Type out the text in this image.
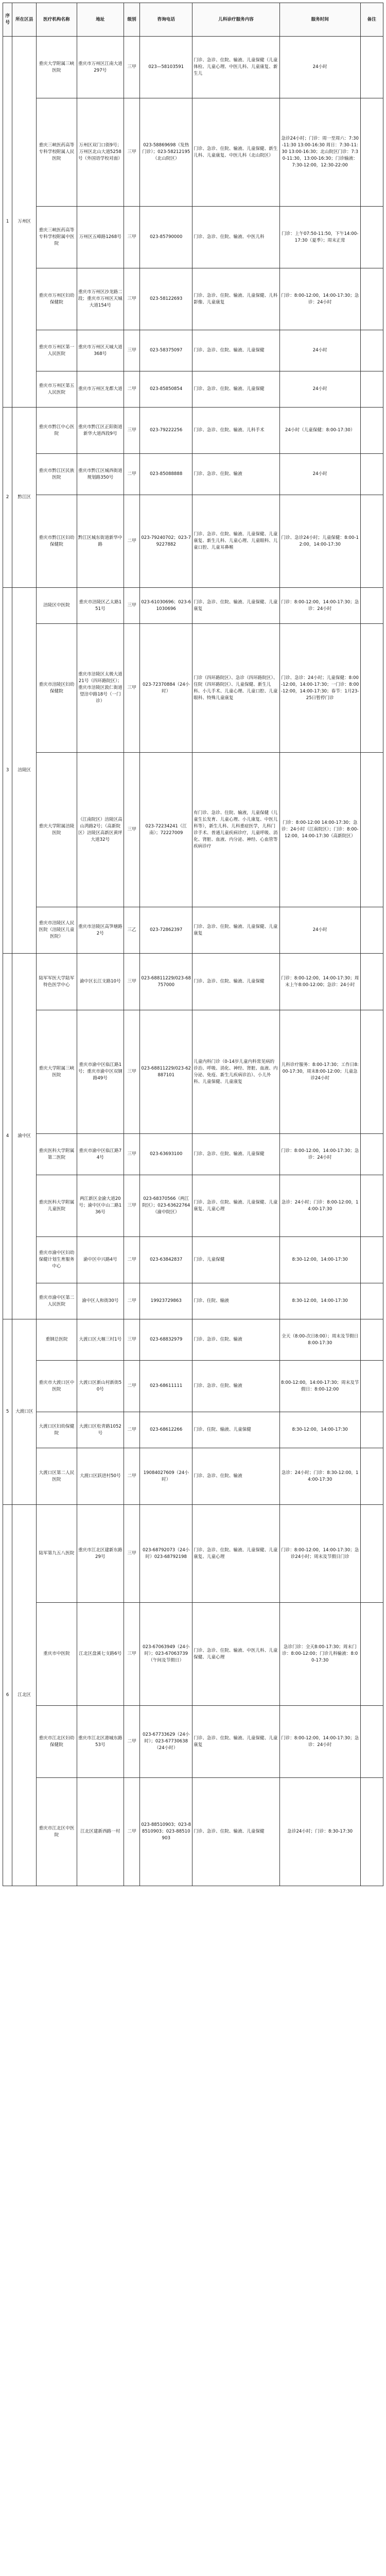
序号	所在区县	医疗机构名称	地址	级别	咨询电话	儿科诊疗服务内容	服务时间	备注
1	万州区	重庆大学附属三峡医院	重庆市万州区江南大道297号	三甲	023—58103591	门诊、急诊、住院、输液、儿童保健（儿童体检、儿童心理、中医儿科、儿童康复、新生儿	24小时	
		重庆三峡医药高等专科学校附属人民医院	万州区双门口街9号；万州区北山大道5258号（外国语学校对面）	三甲	023-58869698（发热门诊）；023-58212195（北山院区）	门诊、急诊、住院、输液、儿童保健、新生儿科、儿童康复、中医儿科（北山院区）	急诊24小时；门诊：周一至周六：7:30-11:30 13:00-16:30 周日：7:30-11:30 13:00-16:30；北山院区门诊：7:30-11:30，13:00-16:30；门诊输液：7:30-12:00，12:30-22:00	
		重庆三峡医药高等专科学校附属中医院	万州区五峰路1268号	三甲	023-85790000	门诊、急诊、住院、输液、中医儿科	门诊：上午07:50-11:50，下午14:00-17:30（夏季）；周末正常	
		重庆市万州区妇幼保健院	重庆市万州区沙龙路二段；重庆市万州区天城大道154号	三甲	023-58122693	门诊、急诊、住院、输液、儿童保健、儿科影像、儿童康复	门诊：8:00-12:00，14:00-17:30；急诊：24小时	
		重庆市万州区第一人民医院	重庆市万州区天城大道368号	三甲	023-58375097	门诊、急诊、住院、输液、儿童保健	24小时	
		重庆市万州区第五人民医院	重庆市万州区龙都大道	二甲	023-85850854	门诊、急诊、住院、输液、儿童保健	24小时	
2	黔江区	重庆市黔江中心医院	重庆市黔江区正阳街道新华大道西段9号	三甲	023-79222256	门诊、急诊、住院、输液、儿科手术	24小时（儿童保健：8:00-17:30）	
		重庆市黔江区民族医院	重庆市黔江区城西街道规划路350号	二甲	023-85088888	门诊、急诊、住院、输液	24小时	
		重庆市黔江区妇幼保健院	黔江区城东街道新华中路	二甲	023-79240702；023-79227882	门诊、急诊、住院、输液、儿童保健、儿童康复、新生儿科、儿童心理、儿童眼科、儿童口腔、儿童耳鼻喉	门诊、急诊24小时；儿童保健：8:00-12:00，14:00-17:30	
3	涪陵区	涪陵区中医院	重庆市涪陵区乙太路151号	三甲	023-61030696；023-61030696	门诊、急诊、住院、输液、儿童保健、儿童康复	门诊：8:00-12:00，14:00-17:30；急诊：24小时	
		重庆市涪陵区妇幼保健院	重庆市涪陵区太极大道21号（四环路院区）；重庆市涪陵区敦仁街道望涪中路18号（一门诊）	三甲	023-72370884（24小时）	门诊（四环路院区）、急诊（四环路院区）、住院（四环路院区）、儿童保健、新生儿科、小儿手术、儿童心理、儿童口腔、儿童眼科、特殊儿童康复	门诊、急诊：24小时；儿童保健：8:00-12:00，14:00-17:30；一门诊：8:00-12:00，14:00-17:30；春节：1月23-25日暂停门诊	
		重庆大学附属涪陵医院	（江南院区）涪陵区高山湾路2号；（高新院区）涪陵区高新区黄坪大道32号	三甲	023-72234241（江南）；72227009	有门诊、急诊、住院、输液，儿童保健（儿童生长发育、儿童心理、小儿康复、中医儿科等），新生儿科、儿科重症医学，儿科门诊手术、普通儿童疾病诊疗，儿童呼吸、消化、肾脏、血液、内分泌、神经、心血管等疾病诊疗	门诊：8:00-12:00 14:00-17:30；急诊：24小时（江南院区）；门诊：8:00-12:00，14:00-17:30（高新院区）	
		重庆市涪陵区人民医院（涪陵区儿童医院）	重庆市涪陵区高笋塘路2号	三乙	023-72862397	门诊、急诊、住院、输液、儿童保健、儿童康复	24小时	
4	渝中区	陆军军医大学陆军特色医学中心	渝中区长江支路10号	三甲	023-68811229/023-68757000	门诊、急诊、住院、输液、儿童保健	门诊：8:00-12:00，14:00-17:30；周末上午8:00-12:00；急诊：24小时	
		重庆大学附属三峡医院	重庆市渝中区临江路1号；重庆市渝中区双钢路49号	三甲	023-68811229/023-62887101	儿童内科门诊（0-14岁儿童内科常见病的诊治、呼吸、消化、神经、肾脏、血液、内分泌、免疫、新生儿疾病诊治）、小儿外科、儿童保健、儿童康复	儿科诊疗服务：8:00-17:30；工作日8:00-17:30，周末8:00-12:00；儿童急诊24小时	
		重庆医科大学附属第二医院	重庆市渝中区临江路74号	三甲	023-63693100	门诊、急诊、住院、输液、儿童保健	门诊：8:00-12:00，14:00-17:30；急诊：24小时	
		重庆医科大学附属儿童医院	两江新区金渝大道20号；渝中区中山二路136号	三甲	023-68370566（两江院区）；023-63622764（渝中院区）	门诊、急诊、住院、输液、儿童保健、儿童康复、儿童心理	急诊：24小时；门诊：8:00-12:00，14:00-17:30	
		重庆市渝中区妇幼保健计划生育服务中心	渝中区中兴路4号	二甲	023-63842837	门诊、儿童保健	8:30-12:00，14:00-17:30	
		重庆市渝中区第二人民医院	渝中区人和街30号	二甲	19923729863	门诊、住院、输液	8:30-12:00，14:00-17:30	
5	大渡口区	重钢总医院	大渡口区大堰三村1号	三甲	023-68832979	门诊、急诊、住院、输液	全天（8:00-次日8:00）；周末及节假日8:00-17:30	
		重庆市大渡口区中医院	大渡口区新山村新街50号	二甲	023-68611111	门诊、急诊、住院、输液	8:00-12:00，14:00-17:30；周末及节假日：8:00-12:00	
		大渡口区妇幼保健院	大渡口区松青路1052号	二甲	023-68612266	门诊、住院、输液、儿童保健	8:30-12:00，14:00-17:30	
		大渡口区第二人民医院	大渡口区跃进村50号	二甲	19084027609（24小时）	门诊、急诊、住院、输液	急诊：24小时；门诊：8:30-12:00，14:00-17:30	
6	江北区	陆军第九五八医院	重庆市江北区建新东路29号	三甲	023-68792073（24小时）023-68792198	门诊、急诊、住院、输液、儿童保健、儿童康复、儿童心理	门诊：8:00-12:00，14:00-17:30；急诊24小时；周末及节假日门诊	
		重庆市中医院	江北区盘溪七支路6号	三甲	023-67063949（24小时）；023-67063739（午间及节假日）	门诊、急诊、住院、输液、中医儿科、儿童保健、儿童心理	急诊门诊：全天8:00-17:30；周末门诊：8:00-12:00；门诊儿科输液：8:00-17:30	
		重庆市江北区妇幼保健院	重庆市江北区港城东路53号	二甲	023-67733629（24小时）；023-67730638（24小时）	门诊、急诊、住院、输液、儿童保健、儿童康复	门诊：8:00-12:00，14:00-17:30；急诊：24小时	
		重庆市江北区中医院	江北区建新西路一村	二甲	023-88510903；023-88510903；023-88510903	门诊、急诊、住院、输液、儿童保健	急诊24小时；门诊：8:30-17:30	
